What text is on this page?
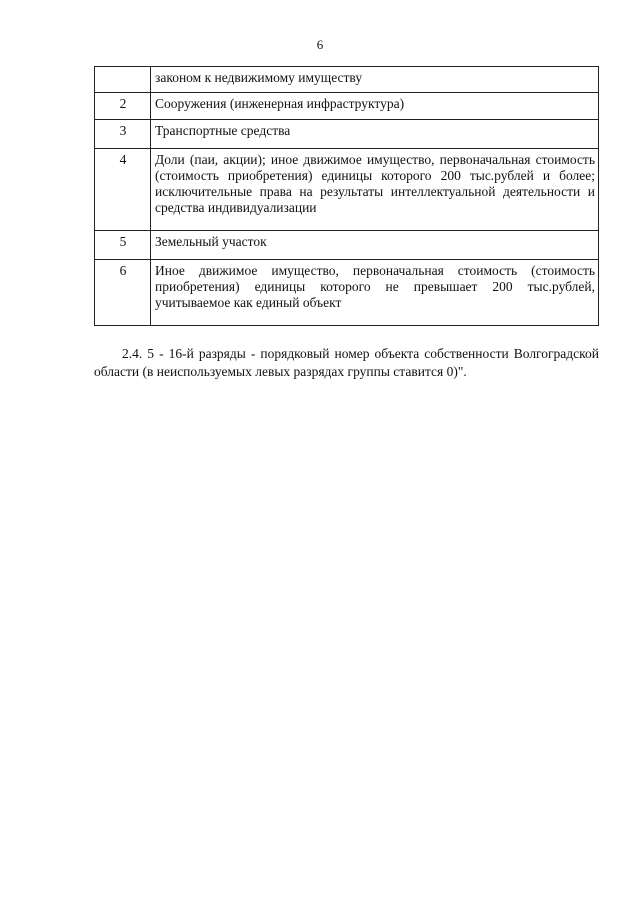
6
	законом к недвижимому имуществу
2	Сооружения (инженерная инфраструктура)
3	Транспортные средства
4	Доли (паи, акции); иное движимое имущество, первоначальная стоимость (стоимость приобретения) единицы которого 200 тыс.рублей и более; исключительные права на результаты интеллектуальной деятельности и средства индивидуализации
5	Земельный участок
6	Иное движимое имущество, первоначальная стоимость (стоимость приобретения) единицы которого не превышает 200 тыс.рублей, учитываемое как единый объект
2.4. 5 - 16-й разряды - порядковый номер объекта собственности Волгоградской области (в неиспользуемых левых разрядах группы ставится 0)".
